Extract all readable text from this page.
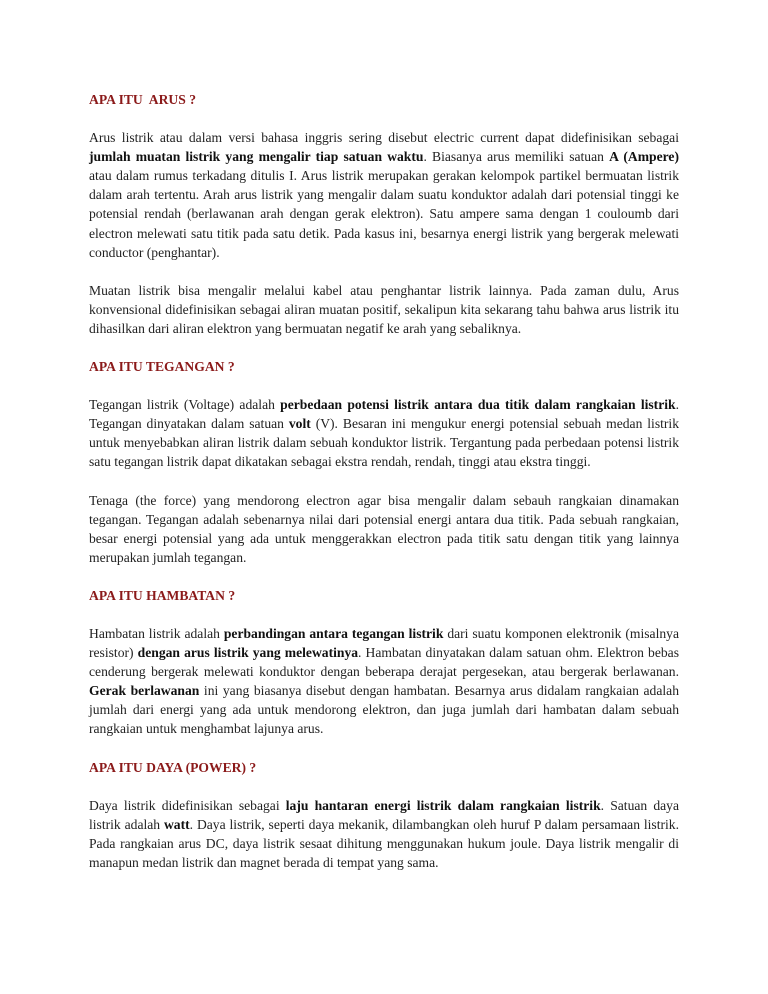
APA ITU  ARUS ?

Arus listrik atau dalam versi bahasa inggris sering disebut electric current dapat didefinisikan sebagai jumlah muatan listrik yang mengalir tiap satuan waktu. Biasanya arus memiliki satuan A (Ampere) atau dalam rumus terkadang ditulis I. Arus listrik merupakan gerakan kelompok partikel bermuatan listrik dalam arah tertentu. Arah arus listrik yang mengalir dalam suatu konduktor adalah dari potensial tinggi ke potensial rendah (berlawanan arah dengan gerak elektron). Satu ampere sama dengan 1 couloumb dari electron melewati satu titik pada satu detik. Pada kasus ini, besarnya energi listrik yang bergerak melewati conductor (penghantar).

Muatan listrik bisa mengalir melalui kabel atau penghantar listrik lainnya. Pada zaman dulu, Arus konvensional didefinisikan sebagai aliran muatan positif, sekalipun kita sekarang tahu bahwa arus listrik itu dihasilkan dari aliran elektron yang bermuatan negatif ke arah yang sebaliknya.

APA ITU TEGANGAN ?

Tegangan listrik (Voltage) adalah perbedaan potensi listrik antara dua titik dalam rangkaian listrik. Tegangan dinyatakan dalam satuan volt (V). Besaran ini mengukur energi potensial sebuah medan listrik untuk menyebabkan aliran listrik dalam sebuah konduktor listrik. Tergantung pada perbedaan potensi listrik satu tegangan listrik dapat dikatakan sebagai ekstra rendah, rendah, tinggi atau ekstra tinggi.

Tenaga (the force) yang mendorong electron agar bisa mengalir dalam sebauh rangkaian dinamakan tegangan. Tegangan adalah sebenarnya nilai dari potensial energi antara dua titik. Pada sebuah rangkaian, besar energi potensial yang ada untuk menggerakkan electron pada titik satu dengan titik yang lainnya merupakan jumlah tegangan.

APA ITU HAMBATAN ?

Hambatan listrik adalah perbandingan antara tegangan listrik dari suatu komponen elektronik (misalnya resistor) dengan arus listrik yang melewatinya. Hambatan dinyatakan dalam satuan ohm. Elektron bebas cenderung bergerak melewati konduktor dengan beberapa derajat pergesekan, atau bergerak berlawanan. Gerak berlawanan ini yang biasanya disebut dengan hambatan. Besarnya arus didalam rangkaian adalah jumlah dari energi yang ada untuk mendorong elektron, dan juga jumlah dari hambatan dalam sebuah rangkaian untuk menghambat lajunya arus.

APA ITU DAYA (POWER) ?

Daya listrik didefinisikan sebagai laju hantaran energi listrik dalam rangkaian listrik. Satuan daya listrik adalah watt. Daya listrik, seperti daya mekanik, dilambangkan oleh huruf P dalam persamaan listrik. Pada rangkaian arus DC, daya listrik sesaat dihitung menggunakan hukum joule. Daya listrik mengalir di manapun medan listrik dan magnet berada di tempat yang sama.
